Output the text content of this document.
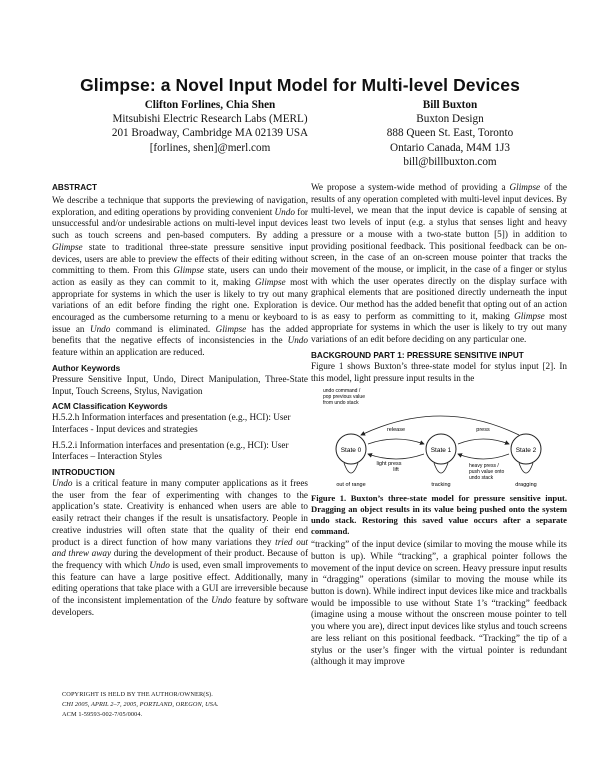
Glimpse: a Novel Input Model for Multi-level Devices
Clifton Forlines, Chia Shen
Mitsubishi Electric Research Labs (MERL)
201 Broadway, Cambridge MA 02139 USA
[forlines, shen]@merl.com
Bill Buxton
Buxton Design
888 Queen St. East, Toronto
Ontario Canada, M4M 1J3
bill@billbuxton.com
ABSTRACT

We describe a technique that supports the previewing of navigation, exploration, and editing operations by providing convenient Undo for unsuccessful and/or undesirable actions on multi-level input devices such as touch screens and pen-based computers. By adding a Glimpse state to traditional three-state pressure sensitive input devices, users are able to preview the effects of their editing without committing to them. From this Glimpse state, users can undo their action as easily as they can commit to it, making Glimpse most appropriate for systems in which the user is likely to try out many variations of an edit before finding the right one. Exploration is encouraged as the cumbersome returning to a menu or keyboard to issue an Undo command is eliminated. Glimpse has the added benefits that the negative effects of inconsistencies in the Undo feature within an application are reduced.

Author Keywords

Pressure Sensitive Input, Undo, Direct Manipulation, Three-State Input, Touch Screens, Stylus, Navigation

ACM Classification Keywords

H.5.2.h Information interfaces and presentation (e.g., HCI): User Interfaces - Input devices and strategies

H.5.2.i Information interfaces and presentation (e.g., HCI): User Interfaces – Interaction Styles

INTRODUCTION

Undo is a critical feature in many computer applications as it frees the user from the fear of experimenting with changes to the application’s state. Creativity is enhanced when users are able to easily retract their changes if the result is unsatisfactory. People in creative industries will often state that the quality of their end product is a direct function of how many variations they tried out and threw away during the development of their product. Because of the frequency with which Undo is used, even small improvements to this feature can have a large positive effect. Additionally, many editing operations that take place with a GUI are irreversible because of the inconsistent implementation of the Undo feature by software developers.

COPYRIGHT IS HELD BY THE AUTHOR/OWNER(S).
CHI 2005, APRIL 2–7, 2005, PORTLAND, OREGON, USA.
ACM 1-59593-002-7/05/0004.

We propose a system-wide method of providing a Glimpse of the results of any operation completed with multi-level input devices. By multi-level, we mean that the input device is capable of sensing at least two levels of input (e.g. a stylus that senses light and heavy pressure or a mouse with a two-state button [5]) in addition to providing positional feedback. This positional feedback can be on-screen, in the case of an on-screen mouse pointer that tracks the movement of the mouse, or implicit, in the case of a finger or stylus with which the user operates directly on the display surface with graphical elements that are positioned directly underneath the input device. Our method has the added benefit that opting out of an action is as easy to perform as committing to it, making Glimpse most appropriate for systems in which the user is likely to try out many variations of an edit before deciding on any particular one.

BACKGROUND PART 1: PRESSURE SENSITIVE INPUT

Figure 1 shows Buxton’s three-state model for stylus input [2]. In this model, light pressure input results in the

State 0	State 1	State 2
undo command / pop previous value from undo stack
release	press
lift
light press
out of range	tracking	dragging
heavy press / push value onto undo stack
Figure 1. Buxton’s three-state model for pressure sensitive input. Dragging an object results in its value being pushed onto the system undo stack. Restoring this saved value occurs after a separate command.

“tracking” of the input device (similar to moving the mouse while its button is up). While “tracking”, a graphical pointer follows the movement of the input device on screen. Heavy pressure input results in “dragging” operations (similar to moving the mouse while its button is down). While indirect input devices like mice and trackballs would be impossible to use without State 1’s “tracking” feedback (imagine using a mouse without the onscreen mouse pointer to tell you where you are), direct input devices like stylus and touch screens are less reliant on this positional feedback. “Tracking” the tip of a stylus or the user’s finger with the virtual pointer is redundant (although it may improve
